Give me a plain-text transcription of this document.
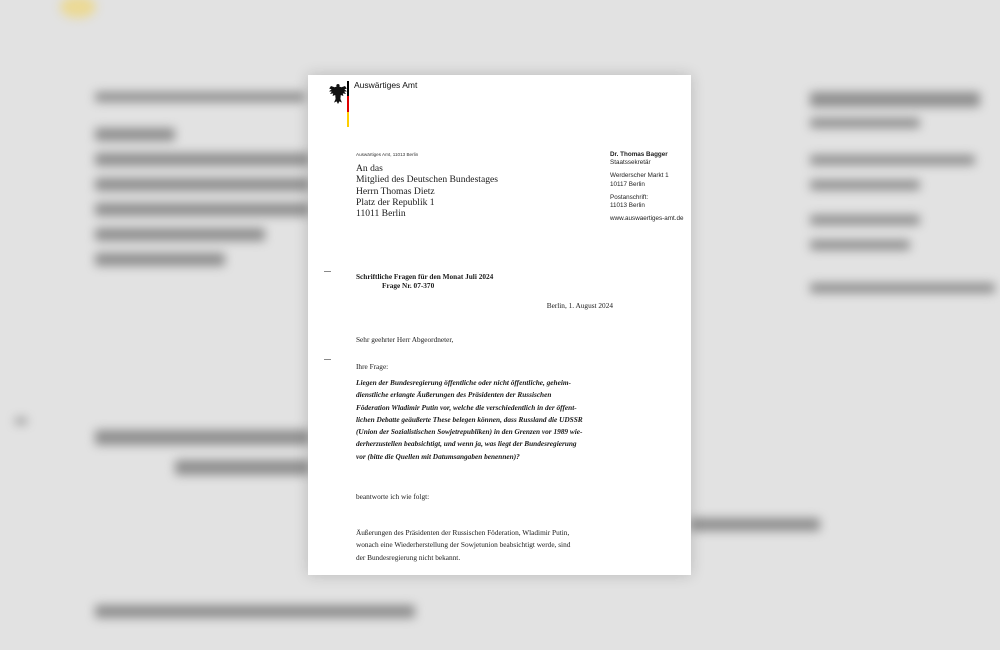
Auswärtiges Amt
Auswärtiges Amt, 11013 Berlin
An das
Mitglied des Deutschen Bundestages
Herrn Thomas Dietz
Platz der Republik 1
11011 Berlin
Dr. Thomas Bagger
Staatssekretär
Werderscher Markt 1
10117 Berlin
Postanschrift:
11013 Berlin
www.auswaertiges-amt.de
Schriftliche Fragen für den Monat Juli 2024
Frage Nr. 07-370
Berlin, 1. August 2024
Sehr geehrter Herr Abgeordneter,
Ihre Frage:
Liegen der Bundesregierung öffentliche oder nicht öffentliche, geheim-
dienstliche erlangte Äußerungen des Präsidenten der Russischen
Föderation Wladimir Putin vor, welche die verschiedentlich in der öffent-
lichen Debatte geäußerte These belegen können, dass Russland die UDSSR
(Union der Sozialistischen Sowjetrepubliken) in den Grenzen vor 1989 wie-
derherzustellen beabsichtigt, und wenn ja, was liegt der Bundesregierung
vor (bitte die Quellen mit Datumsangaben benennen)?
beantworte ich wie folgt:
Äußerungen des Präsidenten der Russischen Föderation, Wladimir Putin,
wonach eine Wiederherstellung der Sowjetunion beabsichtigt werde, sind
der Bundesregierung nicht bekannt.
